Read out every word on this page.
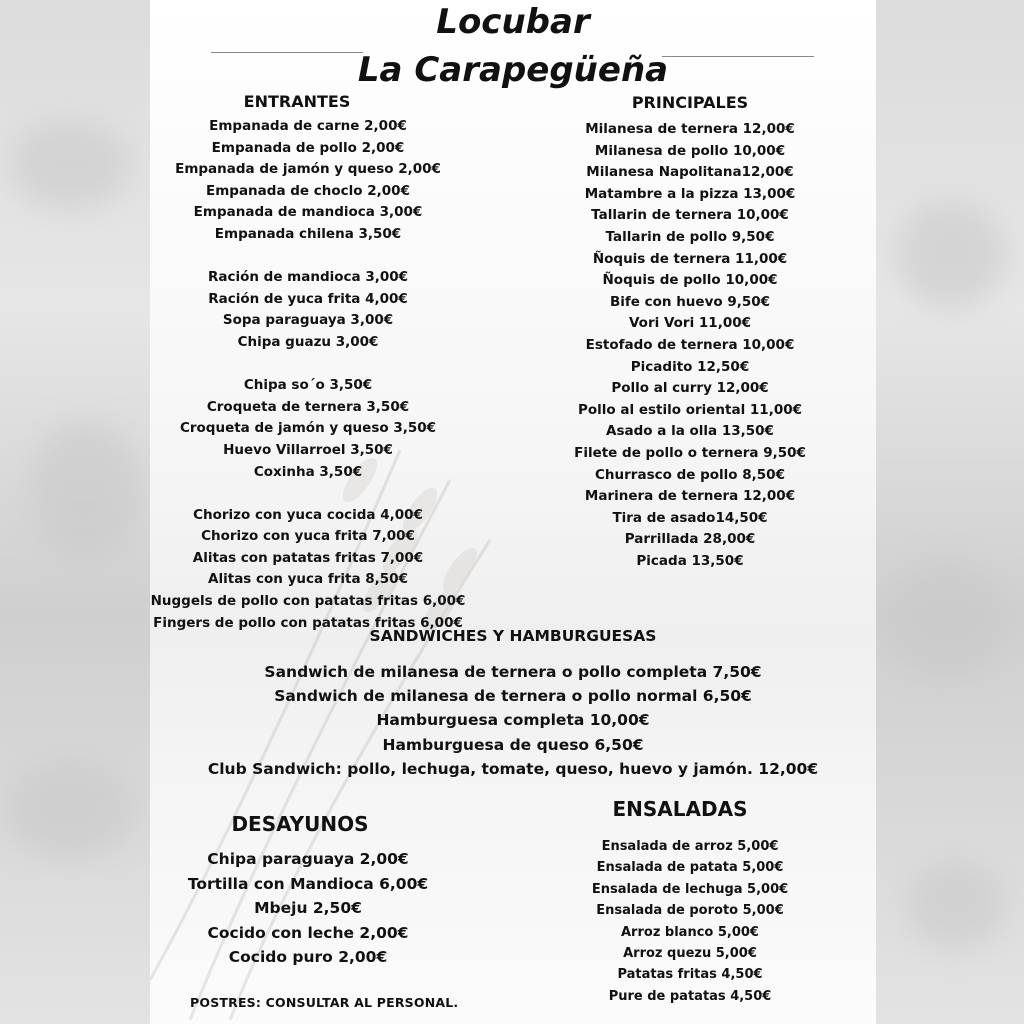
Locubar
La Carapegüeña
ENTRANTES
Empanada de carne 2,00€
Empanada de pollo 2,00€
Empanada de jamón y queso 2,00€
Empanada de choclo 2,00€
Empanada de mandioca 3,00€
Empanada chilena 3,50€
Ración de mandioca 3,00€
Ración de yuca frita 4,00€
Sopa paraguaya 3,00€
Chipa guazu 3,00€
Chipa so´o 3,50€
Croqueta de ternera 3,50€
Croqueta de jamón y queso 3,50€
Huevo Villarroel 3,50€
Coxinha 3,50€
Chorizo con yuca cocida 4,00€
Chorizo con yuca frita 7,00€
Alitas con patatas fritas 7,00€
Alitas con yuca frita 8,50€
Nuggels de pollo con patatas fritas 6,00€
Fingers de pollo con patatas fritas 6,00€
PRINCIPALES
Milanesa de ternera 12,00€
Milanesa de pollo 10,00€
Milanesa Napolitana12,00€
Matambre a la pizza 13,00€
Tallarin de ternera 10,00€
Tallarin de pollo 9,50€
Ñoquis de ternera 11,00€
Ñoquis de pollo 10,00€
Bife con huevo 9,50€
Vori Vori 11,00€
Estofado de ternera 10,00€
Picadito 12,50€
Pollo al curry 12,00€
Pollo al estilo oriental 11,00€
Asado a la olla 13,50€
Filete de pollo o ternera 9,50€
Churrasco de pollo 8,50€
Marinera de ternera 12,00€
Tira de asado14,50€
Parrillada 28,00€
Picada 13,50€
SANDWICHES Y HAMBURGUESAS
Sandwich de milanesa de ternera o pollo completa 7,50€
Sandwich de milanesa de ternera o pollo normal 6,50€
Hamburguesa completa 10,00€
Hamburguesa de queso 6,50€
Club Sandwich: pollo, lechuga, tomate, queso, huevo y jamón. 12,00€
DESAYUNOS
Chipa paraguaya 2,00€
Tortilla con Mandioca 6,00€
Mbeju 2,50€
Cocido con leche 2,00€
Cocido puro 2,00€
ENSALADAS
Ensalada de arroz 5,00€
Ensalada de patata 5,00€
Ensalada de lechuga 5,00€
Ensalada de poroto 5,00€
Arroz blanco 5,00€
Arroz quezu 5,00€
Patatas fritas 4,50€
Pure de patatas 4,50€

POSTRES: CONSULTAR AL PERSONAL.
